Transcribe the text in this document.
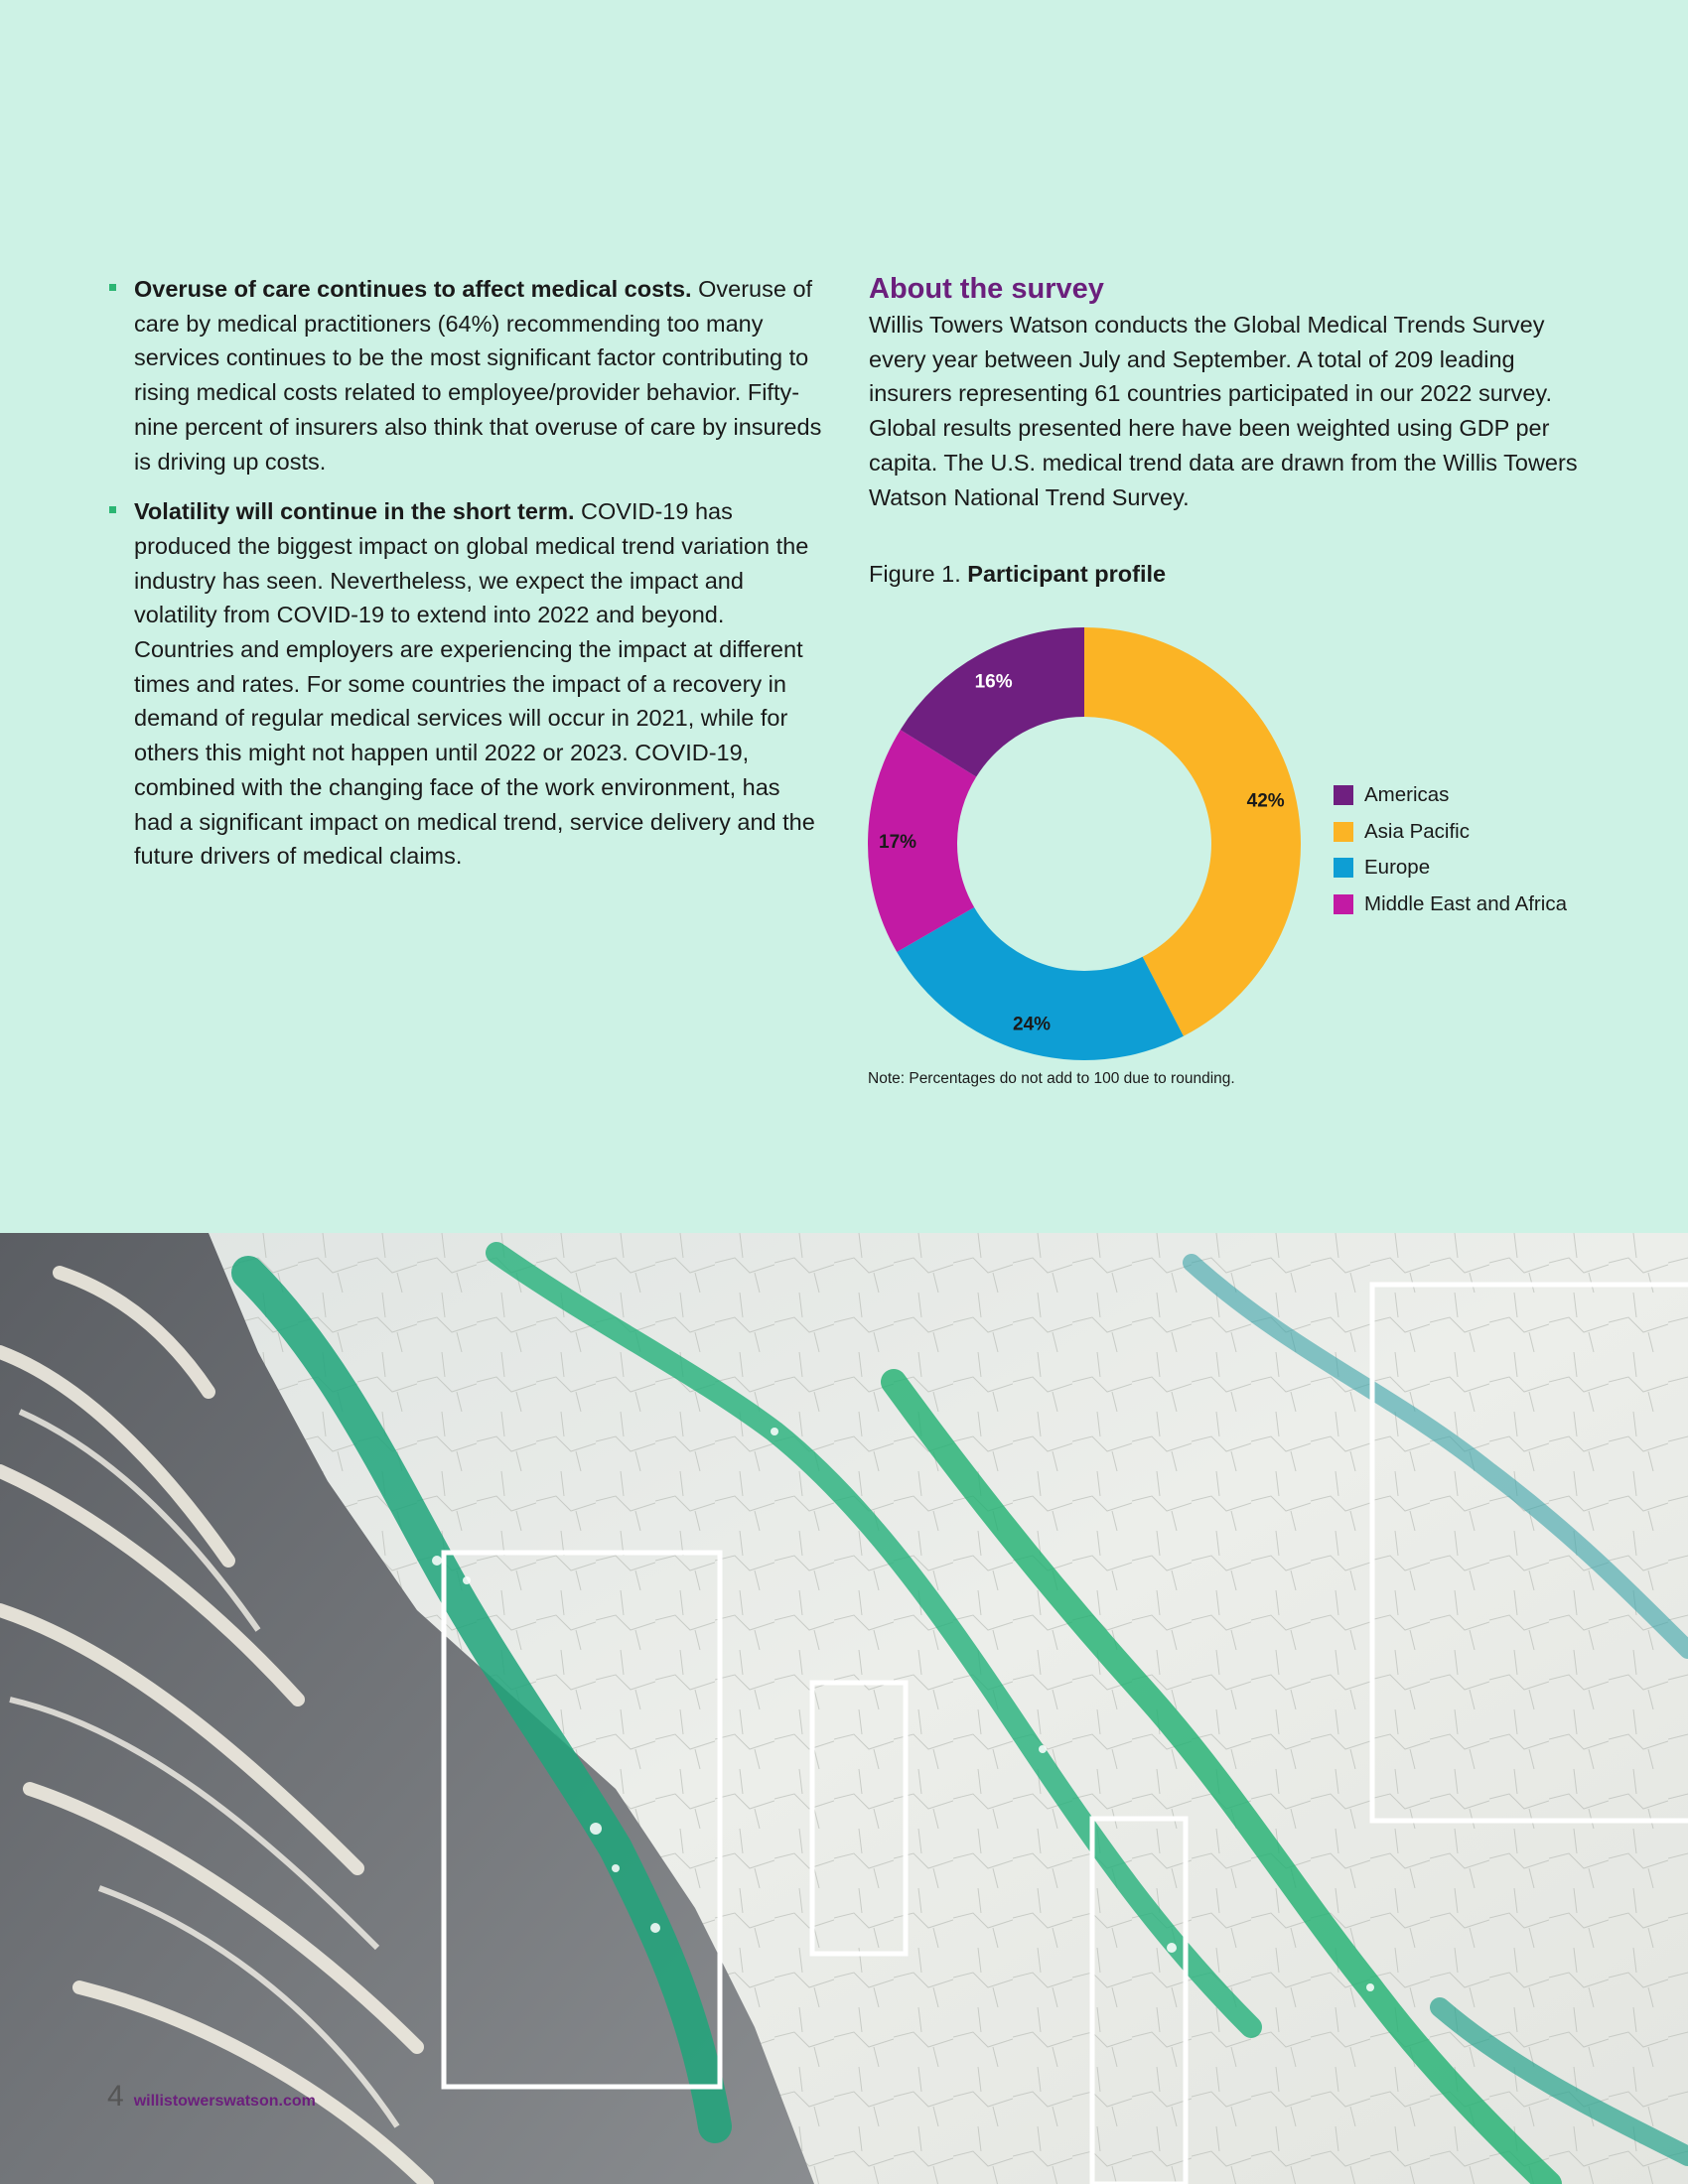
Overuse of care continues to affect medical costs. Overuse of care by medical practitioners (64%) recommending too many services continues to be the most significant factor contributing to rising medical costs related to employee/provider behavior. Fifty-nine percent of insurers also think that overuse of care by insureds is driving up costs.

Volatility will continue in the short term. COVID-19 has produced the biggest impact on global medical trend variation the industry has seen. Nevertheless, we expect the impact and volatility from COVID-19 to extend into 2022 and beyond. Countries and employers are experiencing the impact at different times and rates. For some countries the impact of a recovery in demand of regular medical services will occur in 2021, while for others this might not happen until 2022 or 2023. COVID-19, combined with the changing face of the work environment, has had a significant impact on medical trend, service delivery and the future drivers of medical claims.

About the survey

Willis Towers Watson conducts the Global Medical Trends Survey every year between July and September. A total of 209 leading insurers representing 61 countries participated in our 2022 survey. Global results presented here have been weighted using GDP per capita. The U.S. medical trend data are drawn from the Willis Towers Watson National Trend Survey.

Figure 1. Participant profile

42%
24%
17%
16%
Americas
Asia Pacific
Europe
Middle East and Africa
Note: Percentages do not add to 100 due to rounding.
4 willistowerswatson.com
